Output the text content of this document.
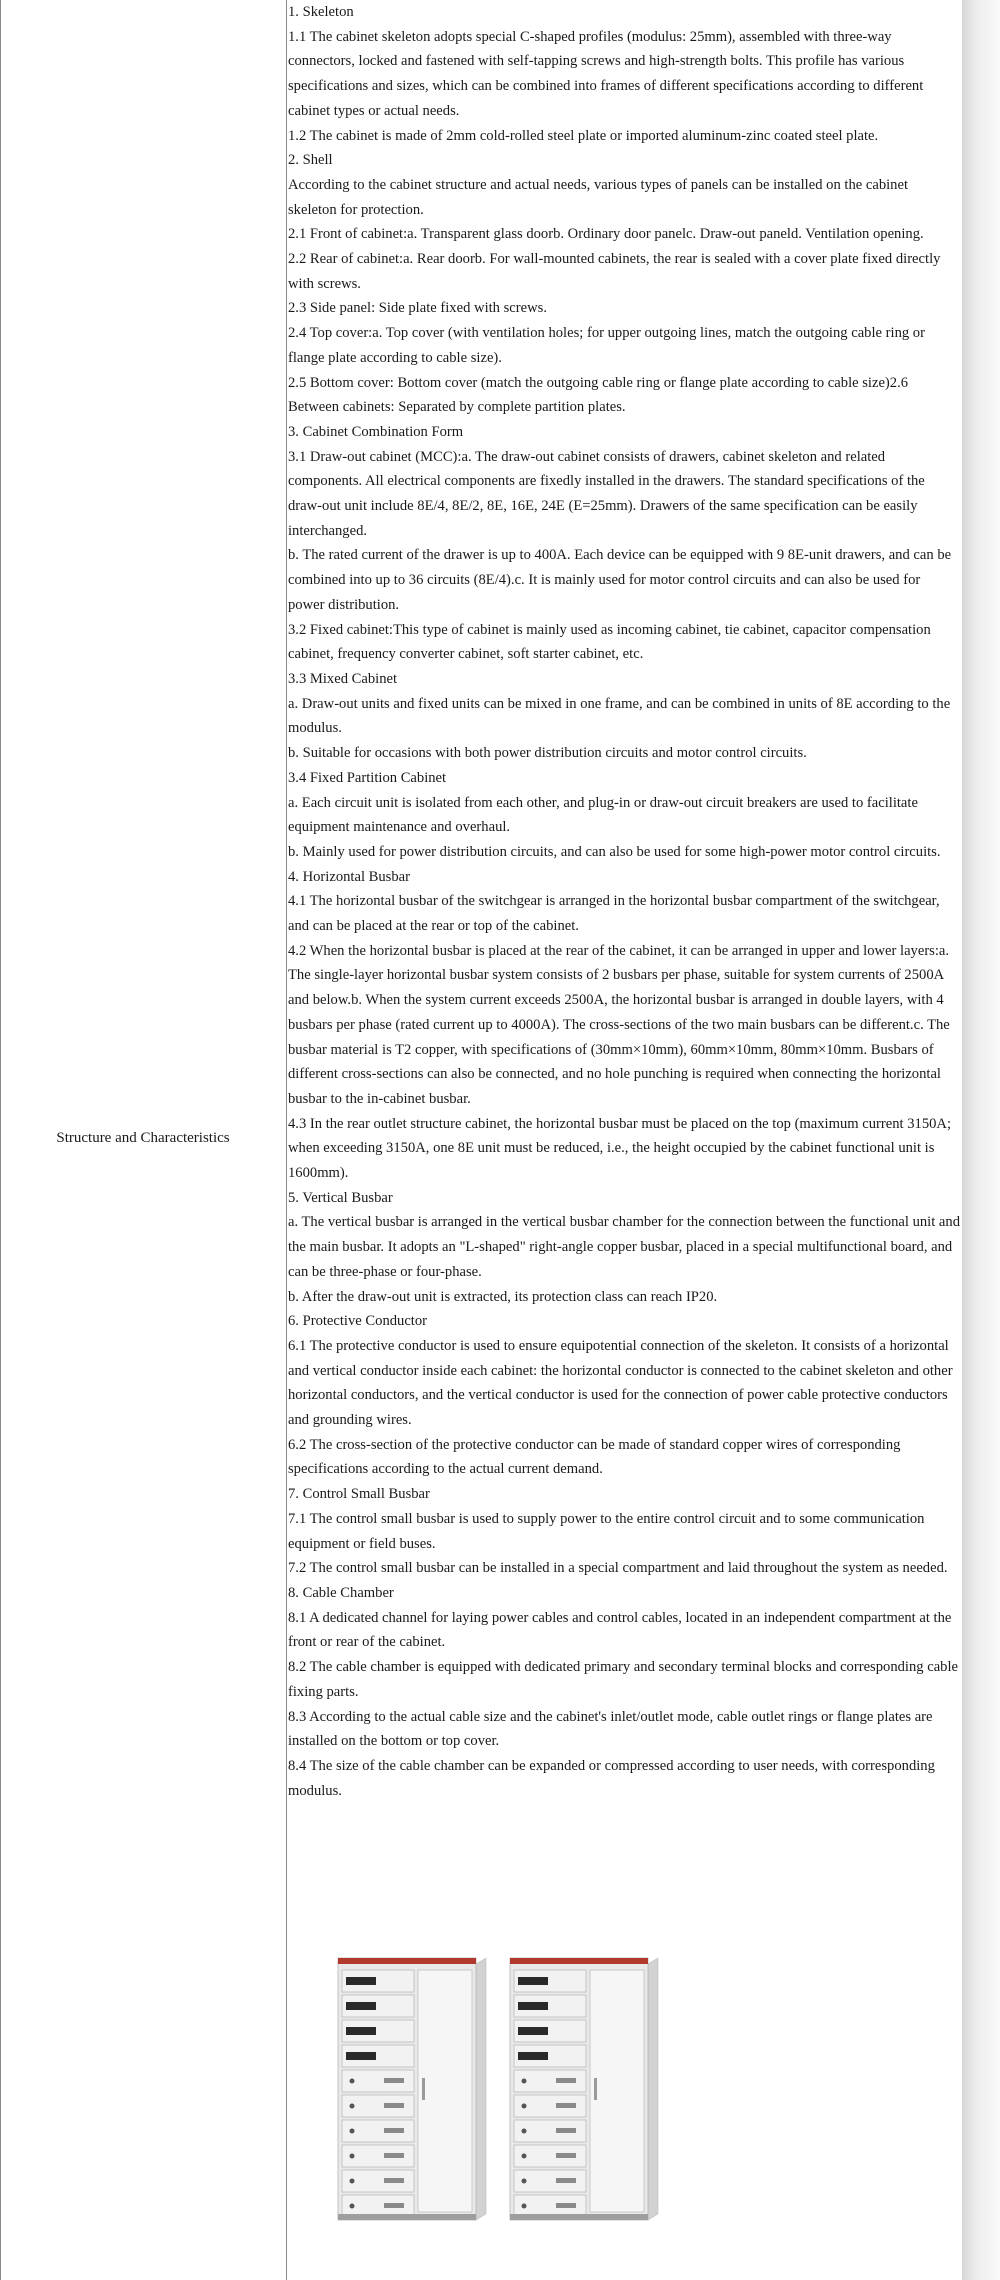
Structure and Characteristics

1. Skeleton

1.1 The cabinet skeleton adopts special C-shaped profiles (modulus: 25mm), assembled with three-way connectors, locked and fastened with self-tapping screws and high-strength bolts. This profile has various specifications and sizes, which can be combined into frames of different specifications according to different cabinet types or actual needs.

1.2 The cabinet is made of 2mm cold-rolled steel plate or imported aluminum-zinc coated steel plate.

2. Shell

According to the cabinet structure and actual needs, various types of panels can be installed on the cabinet skeleton for protection.

2.1 Front of cabinet:a. Transparent glass doorb. Ordinary door panelc. Draw-out paneld. Ventilation opening.

2.2 Rear of cabinet:a. Rear doorb. For wall-mounted cabinets, the rear is sealed with a cover plate fixed directly with screws.

2.3 Side panel: Side plate fixed with screws.

2.4 Top cover:a. Top cover (with ventilation holes; for upper outgoing lines, match the outgoing cable ring or flange plate according to cable size).

2.5 Bottom cover: Bottom cover (match the outgoing cable ring or flange plate according to cable size)2.6 Between cabinets: Separated by complete partition plates.

3. Cabinet Combination Form

3.1 Draw-out cabinet (MCC):a. The draw-out cabinet consists of drawers, cabinet skeleton and related components. All electrical components are fixedly installed in the drawers. The standard specifications of the draw-out unit include 8E/4, 8E/2, 8E, 16E, 24E (E=25mm). Drawers of the same specification can be easily interchanged.

b. The rated current of the drawer is up to 400A. Each device can be equipped with 9 8E-unit drawers, and can be combined into up to 36 circuits (8E/4).c. It is mainly used for motor control circuits and can also be used for power distribution.

3.2 Fixed cabinet:This type of cabinet is mainly used as incoming cabinet, tie cabinet, capacitor compensation cabinet, frequency converter cabinet, soft starter cabinet, etc.

3.3 Mixed Cabinet

a. Draw-out units and fixed units can be mixed in one frame, and can be combined in units of 8E according to the modulus.

b. Suitable for occasions with both power distribution circuits and motor control circuits.

3.4 Fixed Partition Cabinet

a. Each circuit unit is isolated from each other, and plug-in or draw-out circuit breakers are used to facilitate equipment maintenance and overhaul.

b. Mainly used for power distribution circuits, and can also be used for some high-power motor control circuits.

4. Horizontal Busbar

4.1 The horizontal busbar of the switchgear is arranged in the horizontal busbar compartment of the switchgear, and can be placed at the rear or top of the cabinet.

4.2 When the horizontal busbar is placed at the rear of the cabinet, it can be arranged in upper and lower layers:a. The single-layer horizontal busbar system consists of 2 busbars per phase, suitable for system currents of 2500A and below.b. When the system current exceeds 2500A, the horizontal busbar is arranged in double layers, with 4 busbars per phase (rated current up to 4000A). The cross-sections of the two main busbars can be different.c. The busbar material is T2 copper, with specifications of (30mm×10mm), 60mm×10mm, 80mm×10mm. Busbars of different cross-sections can also be connected, and no hole punching is required when connecting the horizontal busbar to the in-cabinet busbar.

4.3 In the rear outlet structure cabinet, the horizontal busbar must be placed on the top (maximum current 3150A; when exceeding 3150A, one 8E unit must be reduced, i.e., the height occupied by the cabinet functional unit is 1600mm).

5. Vertical Busbar

a. The vertical busbar is arranged in the vertical busbar chamber for the connection between the functional unit and the main busbar. It adopts an "L-shaped" right-angle copper busbar, placed in a special multifunctional board, and can be three-phase or four-phase.

b. After the draw-out unit is extracted, its protection class can reach IP20.

6. Protective Conductor

6.1 The protective conductor is used to ensure equipotential connection of the skeleton. It consists of a horizontal and vertical conductor inside each cabinet: the horizontal conductor is connected to the cabinet skeleton and other horizontal conductors, and the vertical conductor is used for the connection of power cable protective conductors and grounding wires.

6.2 The cross-section of the protective conductor can be made of standard copper wires of corresponding specifications according to the actual current demand.

7. Control Small Busbar

7.1 The control small busbar is used to supply power to the entire control circuit and to some communication equipment or field buses.

7.2 The control small busbar can be installed in a special compartment and laid throughout the system as needed.

8. Cable Chamber

8.1 A dedicated channel for laying power cables and control cables, located in an independent compartment at the front or rear of the cabinet.

8.2 The cable chamber is equipped with dedicated primary and secondary terminal blocks and corresponding cable fixing parts.

8.3 According to the actual cable size and the cabinet's inlet/outlet mode, cable outlet rings or flange plates are installed on the bottom or top cover.

8.4 The size of the cable chamber can be expanded or compressed according to user needs, with corresponding modulus.
